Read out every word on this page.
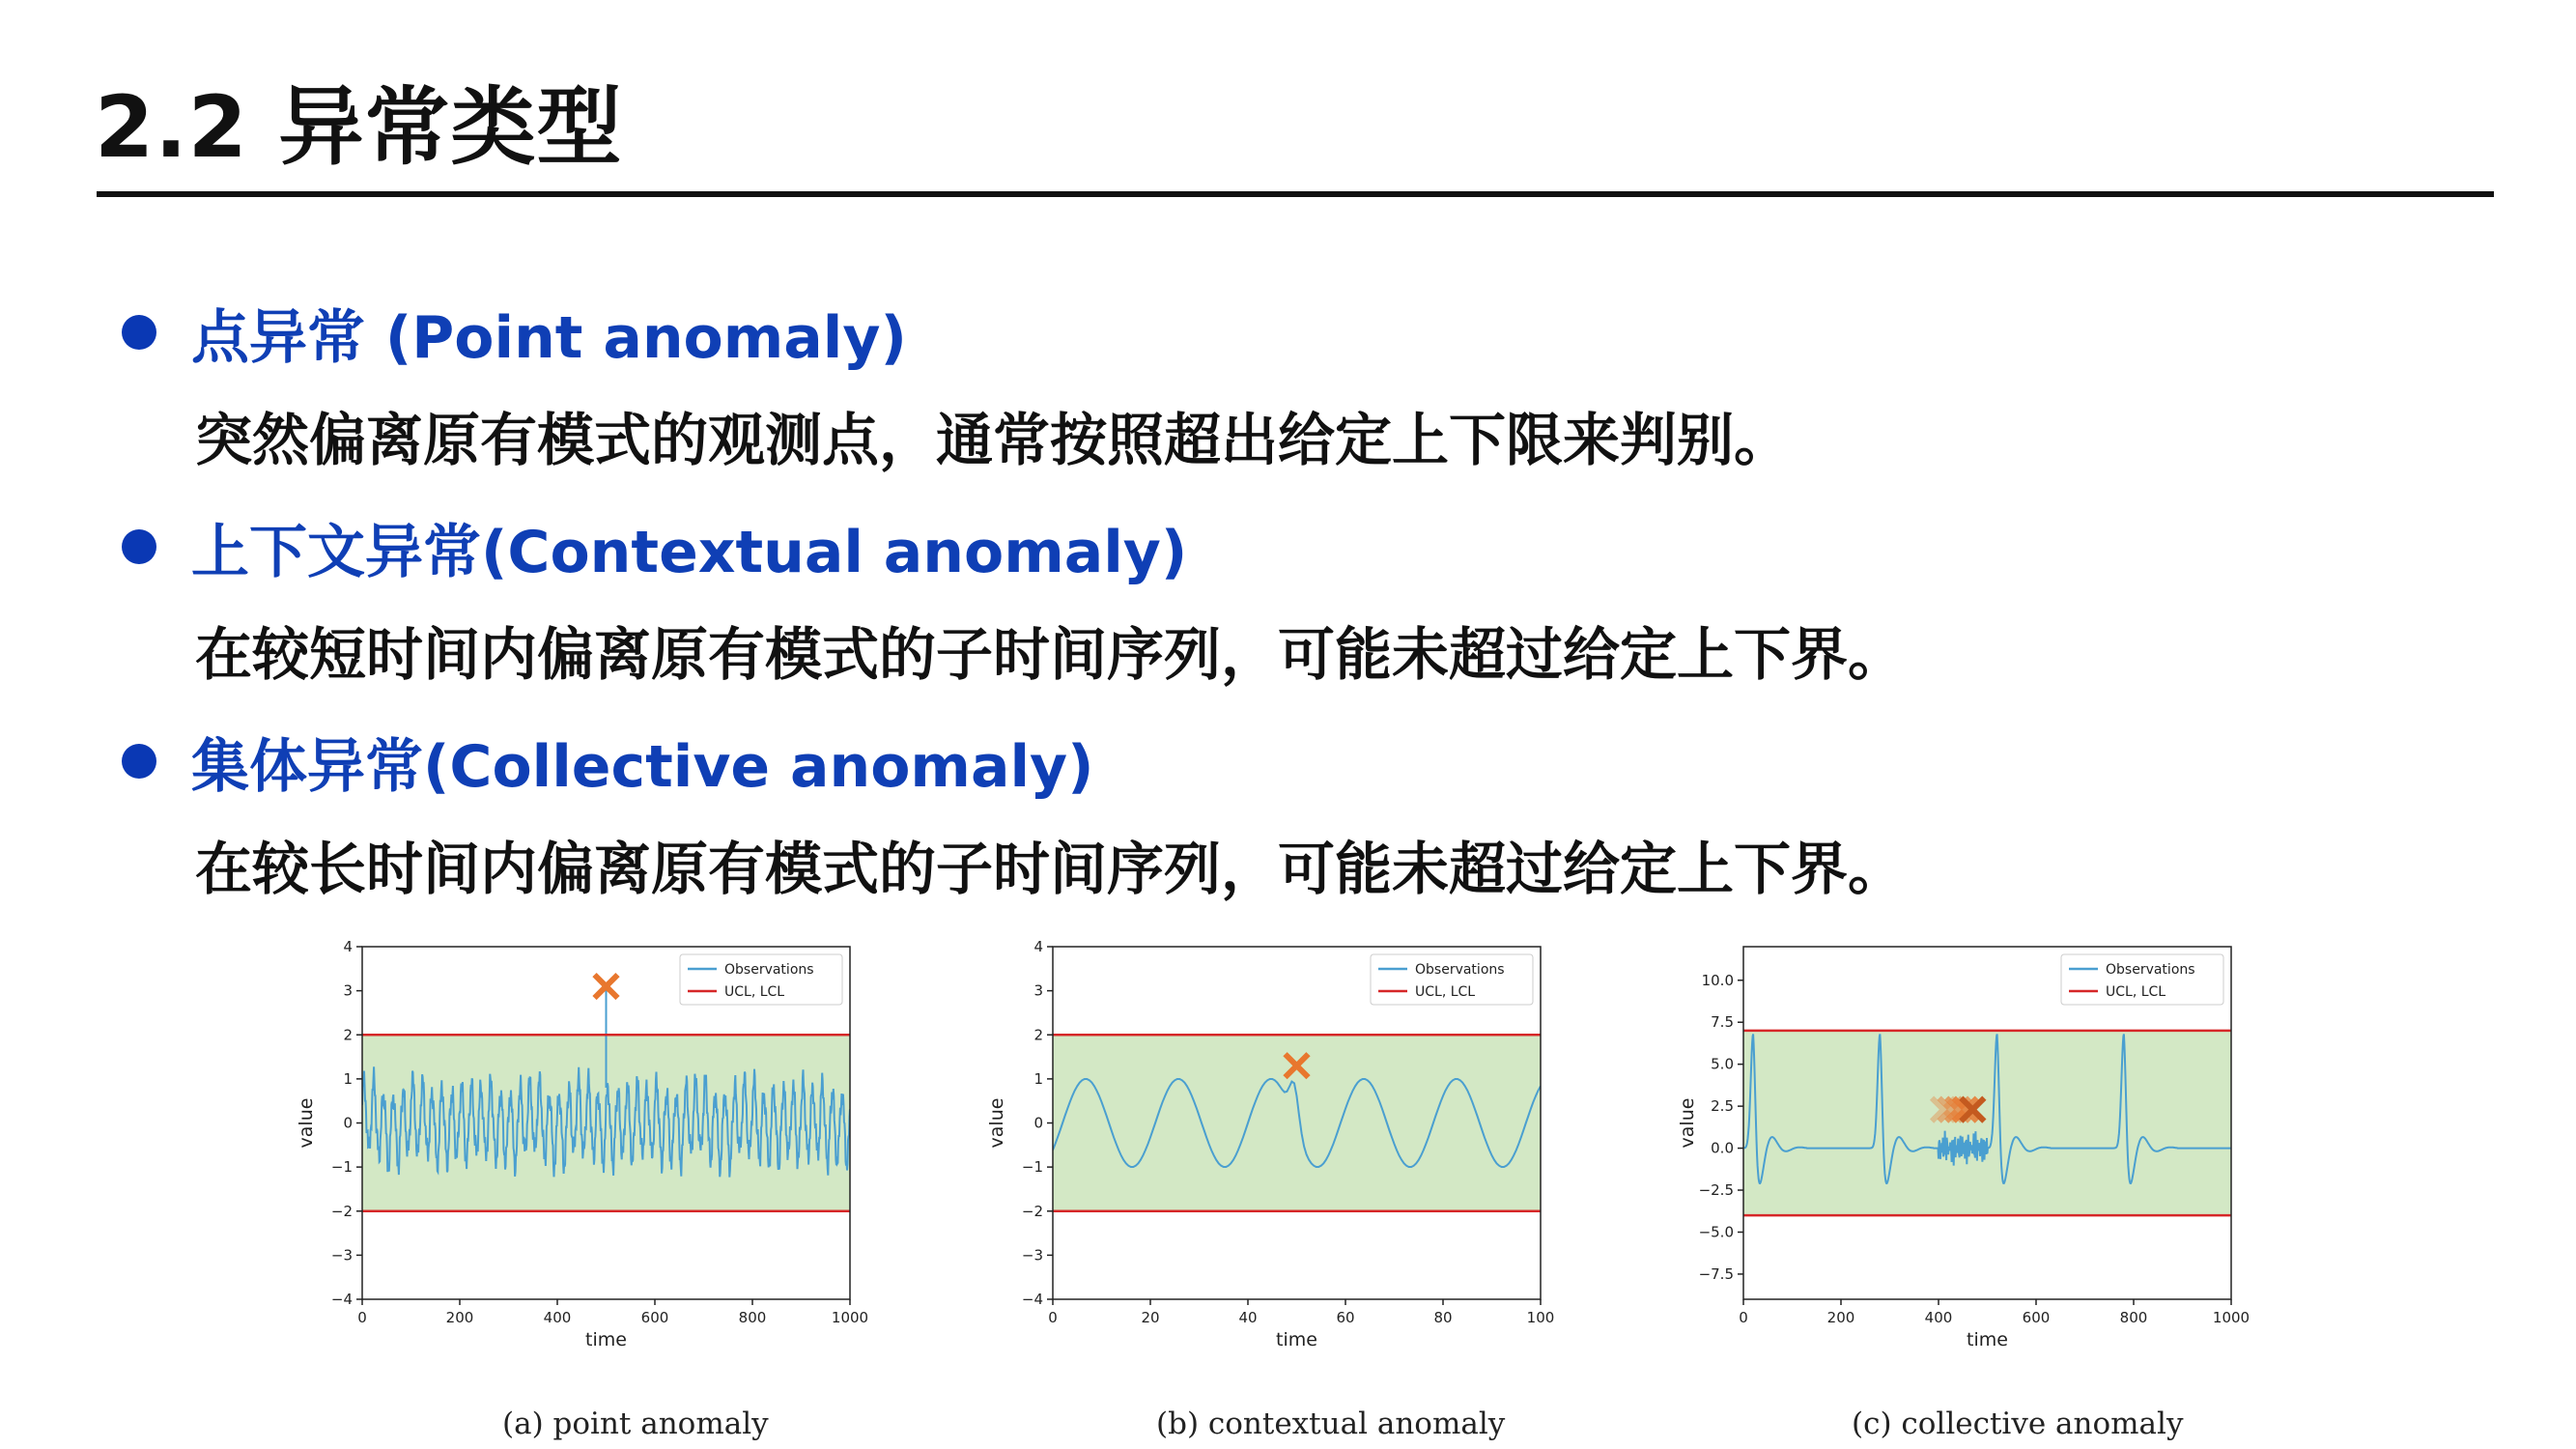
2.2 异常类型
点异常 (Point anomaly)
突然偏离原有模式的观测点，通常按照超出给定上下限来判别。
上下文异常(Contextual anomaly)
在较短时间内偏离原有模式的子时间序列，可能未超过给定上下界。
集体异常(Collective anomaly)
在较长时间内偏离原有模式的子时间序列，可能未超过给定上下界。
0	200	400	600	800	1000
4
3
2
1
0
−1
−2
−3
−4
time
value
Observations
UCL, LCL
0	20	40	60	80	100
4
3
2
1
0
−1
−2
−3
−4
time
value
Observations
UCL, LCL
0	200	400	600	800	1000
10.0
7.5
5.0
2.5
0.0
−2.5
−5.0
−7.5
time
value
Observations
UCL, LCL
(a) point anomaly	(b) contextual anomaly	(c) collective anomaly
